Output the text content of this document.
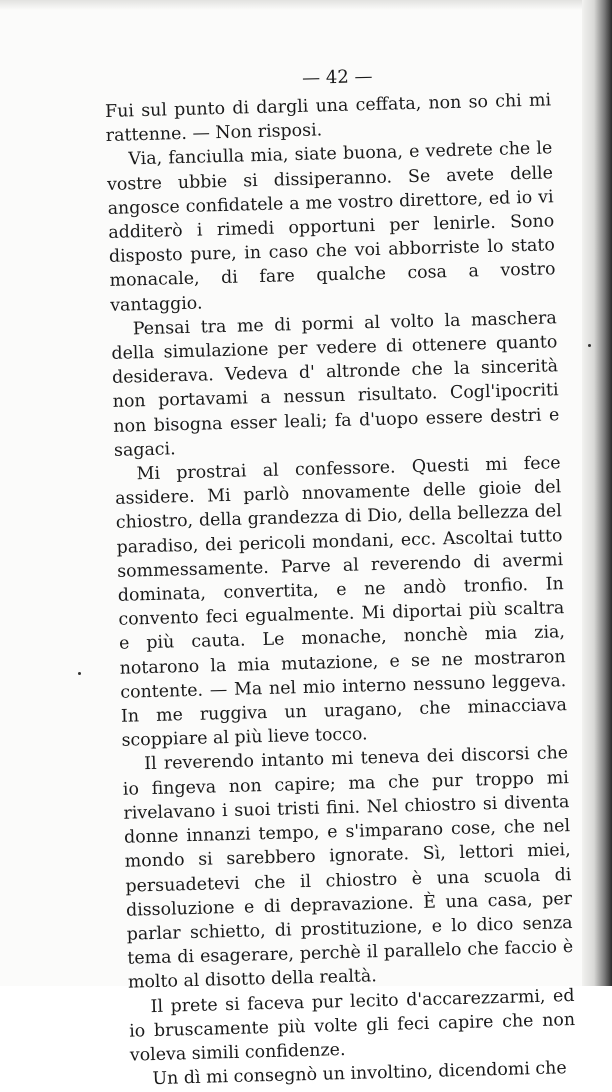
— 42 —

Fui sul punto di dargli una ceffata, non so chi mi rattenne. — Non risposi.

Via, fanciulla mia, siate buona, e vedrete che le vostre ubbie si dissiperanno. Se avete delle angosce confidatele a me vostro direttore, ed io vi additerò i rimedi opportuni per lenirle. Sono disposto pure, in caso che voi abborriste lo stato monacale, di fare qualche cosa a vostro vantaggio.

Pensai tra me di pormi al volto la maschera della simulazione per vedere di ottenere quanto desiderava. Vedeva d' altronde che la sincerità non portavami a nessun risultato. Cogl'ipocriti non bisogna esser leali; fa d'uopo essere destri e sagaci.

Mi prostrai al confessore. Questi mi fece assidere. Mi parlò nnovamente delle gioie del chiostro, della grandezza di Dio, della bellezza del paradiso, dei pericoli mondani, ecc. Ascoltai tutto sommessamente. Parve al reverendo di avermi dominata, convertita, e ne andò tronfio. In convento feci egualmente. Mi diportai più scaltra e più cauta. Le monache, nonchè mia zia, notarono la mia mutazione, e se ne mostraron contente. — Ma nel mio interno nessuno leggeva. In me ruggiva un uragano, che minacciava scoppiare al più lieve tocco.

Il reverendo intanto mi teneva dei discorsi che io fingeva non capire; ma che pur troppo mi rivelavano i suoi tristi fini. Nel chiostro si diventa donne innanzi tempo, e s'imparano cose, che nel mondo si sarebbero ignorate. Sì, lettori miei, persuadetevi che il chiostro è una scuola di dissoluzione e di depravazione. È una casa, per parlar schietto, di prostituzione, e lo dico senza tema di esagerare, perchè il parallelo che faccio è molto al disotto della realtà.

Il prete si faceva pur lecito d'accarezzarmi, ed io bruscamente più volte gli feci capire che non voleva simili confidenze.

Un dì mi consegnò un involtino, dicendomi che
